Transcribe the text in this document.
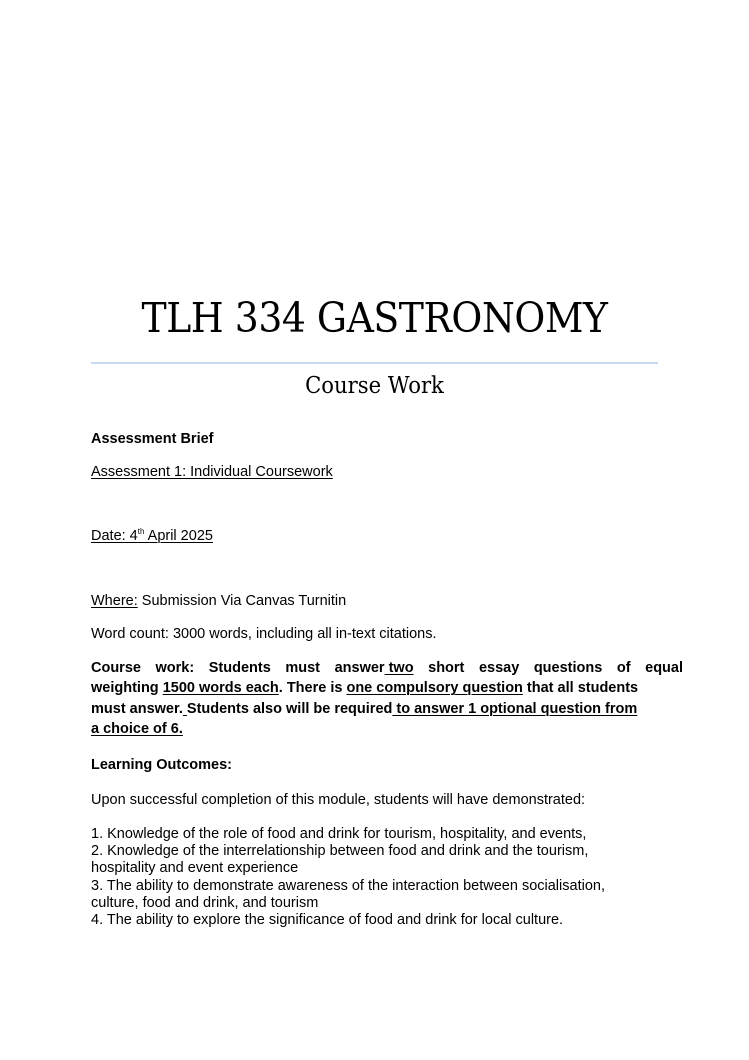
TLH 334 GASTRONOMY
Course Work

Assessment Brief

Assessment 1: Individual Coursework

Date: 4th April 2025

Where: Submission Via Canvas Turnitin

Word count: 3000 words, including all in-text citations.

Course work: Students must answer two short essay questions of equal
weighting 1500 words each. There is one compulsory question that all students
must answer. Students also will be required to answer 1 optional question from
a choice of 6.

Learning Outcomes:

Upon successful completion of this module, students will have demonstrated:

1. Knowledge of the role of food and drink for tourism, hospitality, and events,
2. Knowledge of the interrelationship between food and drink and the tourism,
hospitality and event experience
3. The ability to demonstrate awareness of the interaction between socialisation,
culture, food and drink, and tourism
4. The ability to explore the significance of food and drink for local culture.
